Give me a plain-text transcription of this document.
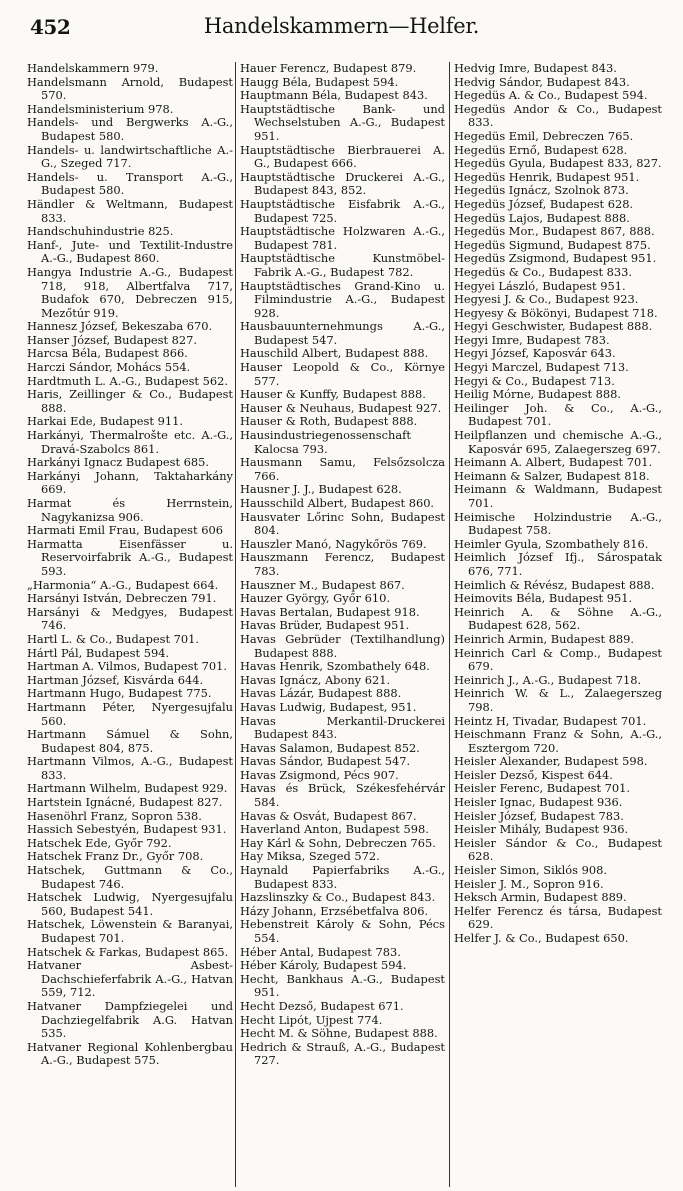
452	Handelskammern—Helfer.

Handelskammern 979.

Handelsmann Arnold, Budapest 570.

Handelsministerium 978.

Handels- und Bergwerks A.-G., Budapest 580.

Handels- u. landwirtschaftliche A.-G., Szeged 717.

Handels- u. Transport A.-G., Budapest 580.

Händler & Weltmann, Budapest 833.

Handschuhindustrie 825.

Hanf-, Jute- und Textilit-Industre A.-G., Budapest 860.

Hangya Industrie A.-G., Budapest 718, 918, Albertfalva 717, Budafok 670, Debreczen 915, Mezőtúr 919.

Hannesz József, Bekeszaba 670.

Hanser József, Budapest 827.

Harcsa Béla, Budapest 866.

Harczi Sándor, Mohács 554.

Hardtmuth L. A.-G., Budapest 562.

Haris, Zeillinger & Co., Budapest 888.

Harkai Ede, Budapest 911.

Harkányi, Thermalrošte etc. A.-G., Dravá-Szabolcs 861.

Harkányi Ignacz Budapest 685.

Harkányi Johann, Taktaharkány 669.

Harmat és Herrnstein, Nagykanizsa 906.

Harmati Emil Frau, Budapest 606

Harmatta Eisenfässer u. Reservoirfabrik A.-G., Budapest 593.

„Harmonia“ A.-G., Budapest 664.

Harsányi István, Debreczen 791.

Harsányi & Medgyes, Budapest 746.

Hartl L. & Co., Budapest 701.

Hártl Pál, Budapest 594.

Hartman A. Vilmos, Budapest 701.

Hartman József, Kisvárda 644.

Hartmann Hugo, Budapest 775.

Hartmann Péter, Nyergesujfalu 560.

Hartmann Sámuel & Sohn, Budapest 804, 875.

Hartmann Vilmos, A.-G., Budapest 833.

Hartmann Wilhelm, Budapest 929.

Hartstein Ignácné, Budapest 827.

Hasenöhrl Franz, Sopron 538.

Hassich Sebestyén, Budapest 931.

Hatschek Ede, Győr 792.

Hatschek Franz Dr., Győr 708.

Hatschek, Guttmann & Co., Budapest 746.

Hatschek Ludwig, Nyergesujfalu 560, Budapest 541.

Hatschek, Löwenstein & Baranyai, Budapest 701.

Hatschek & Farkas, Budapest 865.

Hatvaner Asbest-Dachschieferfabrik A.-G., Hatvan 559, 712.

Hatvaner Dampfziegelei und Dachziegelfabrik A.G. Hatvan 535.

Hatvaner Regional Kohlenbergbau A.-G., Budapest 575.

Hauer Ferencz, Budapest 879.

Haugg Béla, Budapest 594.

Hauptmann Béla, Budapest 843.

Hauptstädtische Bank- und Wechselstuben A.-G., Budapest 951.

Hauptstädtische Bierbrauerei A. G., Budapest 666.

Hauptstädtische Druckerei A.-G., Budapest 843, 852.

Hauptstädtische Eisfabrik A.-G., Budapest 725.

Hauptstädtische Holzwaren A.-G., Budapest 781.

Hauptstädtische Kunstmöbel-Fabrik A.-G., Budapest 782.

Hauptstädtisches Grand-Kino u. Filmindustrie A.-G., Budapest 928.

Hausbauunternehmungs A.-G., Budapest 547.

Hauschild Albert, Budapest 888.

Hauser Leopold & Co., Környe 577.

Hauser & Kunffy, Budapest 888.

Hauser & Neuhaus, Budapest 927.

Hauser & Roth, Budapest 888.

Hausindustriegenossenschaft Kalocsa 793.

Hausmann Samu, Felsőzsolcza 766.

Hausner J. J., Budapest 628.

Hausschild Albert, Budapest 860.

Hausvater Lőrinc Sohn, Budapest 804.

Hauszler Manó, Nagykőrös 769.

Hauszmann Ferencz, Budapest 783.

Hauszner M., Budapest 867.

Hauzer György, Győr 610.

Havas Bertalan, Budapest 918.

Havas Brüder, Budapest 951.

Havas Gebrüder (Textilhandlung) Budapest 888.

Havas Henrik, Szombathely 648.

Havas Ignácz, Abony 621.

Havas Lázár, Budapest 888.

Havas Ludwig, Budapest, 951.

Havas Merkantil-Druckerei Budapest 843.

Havas Salamon, Budapest 852.

Havas Sándor, Budapest 547.

Havas Zsigmond, Pécs 907.

Havas és Brück, Székesfehérvár 584.

Havas & Osvát, Budapest 867.

Haverland Anton, Budapest 598.

Hay Kárl & Sohn, Debreczen 765.

Hay Miksa, Szeged 572.

Haynald Papierfabriks A.-G., Budapest 833.

Hazslinszky & Co., Budapest 843.

Házy Johann, Erzsébetfalva 806.

Hebenstreit Károly & Sohn, Pécs 554.

Héber Antal, Budapest 783.

Héber Károly, Budapest 594.

Hecht, Bankhaus A.-G., Budapest 951.

Hecht Dezső, Budapest 671.

Hecht Lipót, Ujpest 774.

Hecht M. & Söhne, Budapest 888.

Hedrich & Strauß, A.-G., Budapest 727.

Hedvig Imre, Budapest 843.

Hedvig Sándor, Budapest 843.

Hegedüs A. & Co., Budapest 594.

Hegedüs Andor & Co., Budapest 833.

Hegedüs Emil, Debreczen 765.

Hegedüs Ernő, Budapest 628.

Hegedüs Gyula, Budapest 833, 827.

Hegedüs Henrik, Budapest 951.

Hegedüs Ignácz, Szolnok 873.

Hegedüs József, Budapest 628.

Hegedüs Lajos, Budapest 888.

Hegedüs Mor., Budapest 867, 888.

Hegedüs Sigmund, Budapest 875.

Hegedüs Zsigmond, Budapest 951.

Hegedüs & Co., Budapest 833.

Hegyei László, Budapest 951.

Hegyesi J. & Co., Budapest 923.

Hegyesy & Bökönyi, Budapest 718.

Hegyi Geschwister, Budapest 888.

Hegyi Imre, Budapest 783.

Hegyi József, Kaposvár 643.

Hegyi Marczel, Budapest 713.

Hegyi & Co., Budapest 713.

Heilig Mórne, Budapest 888.

Heilinger Joh. & Co., A.-G., Budapest 701.

Heilpflanzen und chemische A.-G., Kaposvár 695, Zalaegerszeg 697.

Heimann A. Albert, Budapest 701.

Heimann & Salzer, Budapest 818.

Heimann & Waldmann, Budapest 701.

Heimische Holzindustrie A.-G., Budapest 758.

Heimler Gyula, Szombathely 816.

Heimlich József Ifj., Sárospatak 676, 771.

Heimlich & Révész, Budapest 888.

Heimovits Béla, Budapest 951.

Heinrich A. & Söhne A.-G., Budapest 628, 562.

Heinrich Armin, Budapest 889.

Heinrich Carl & Comp., Budapest 679.

Heinrich J., A.-G., Budapest 718.

Heinrich W. & L., Zalaegerszeg 798.

Heintz H, Tivadar, Budapest 701.

Heischmann Franz & Sohn, A.-G., Esztergom 720.

Heisler Alexander, Budapest 598.

Heisler Dezső, Kispest 644.

Heisler Ferenc, Budapest 701.

Heisler Ignac, Budapest 936.

Heisler József, Budapest 783.

Heisler Mihály, Budapest 936.

Heisler Sándor & Co., Budapest 628.

Heisler Simon, Siklós 908.

Heisler J. M., Sopron 916.

Heksch Armin, Budapest 889.

Helfer Ferencz és társa, Budapest 629.

Helfer J. & Co., Budapest 650.
